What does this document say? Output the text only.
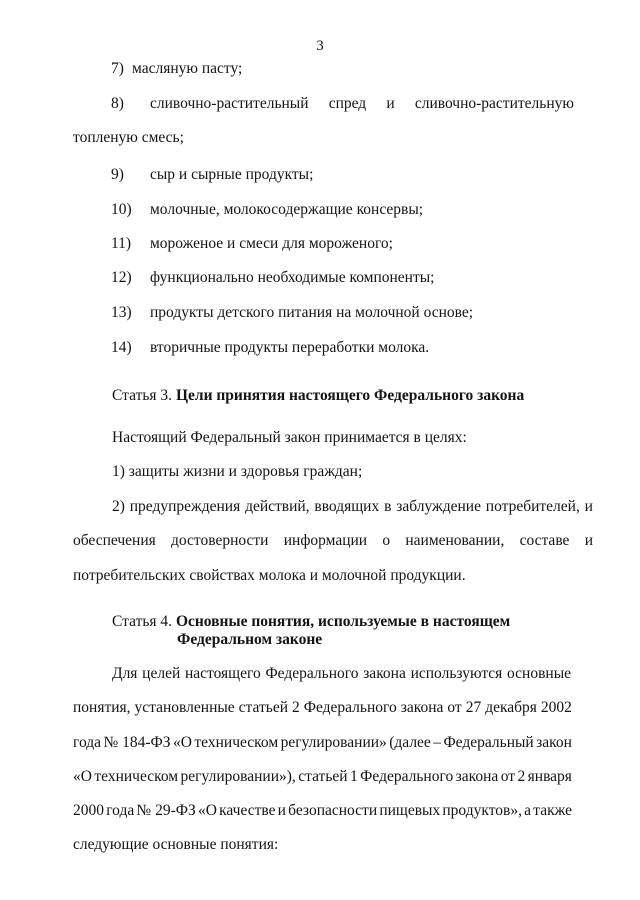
3
7) масляную пасту;
8) сливочно-растительный спред и сливочно-растительную
топленую смесь;
9) сыр и сырные продукты;
10) молочные, молокосодержащие консервы;
11) мороженое и смеси для мороженого;
12) функционально необходимые компоненты;
13) продукты детского питания на молочной основе;
14) вторичные продукты переработки молока.
Статья 3. Цели принятия настоящего Федерального закона
Настоящий Федеральный закон принимается в целях:
1) защиты жизни и здоровья граждан;
2) предупреждения действий, вводящих в заблуждение потребителей, и
обеспечения достоверности информации о наименовании, составе и
потребительских свойствах молока и молочной продукции.
Статья 4. Основные понятия, используемые в настоящем
Федеральном законе
Для целей настоящего Федерального закона используются основные
понятия, установленные статьей 2 Федерального закона от 27 декабря 2002
года № 184-ФЗ «О техническом регулировании» (далее – Федеральный закон
«О техническом регулировании»), статьей 1 Федерального закона от 2 января
2000 года № 29-ФЗ «О качестве и безопасности пищевых продуктов», а также
следующие основные понятия:
